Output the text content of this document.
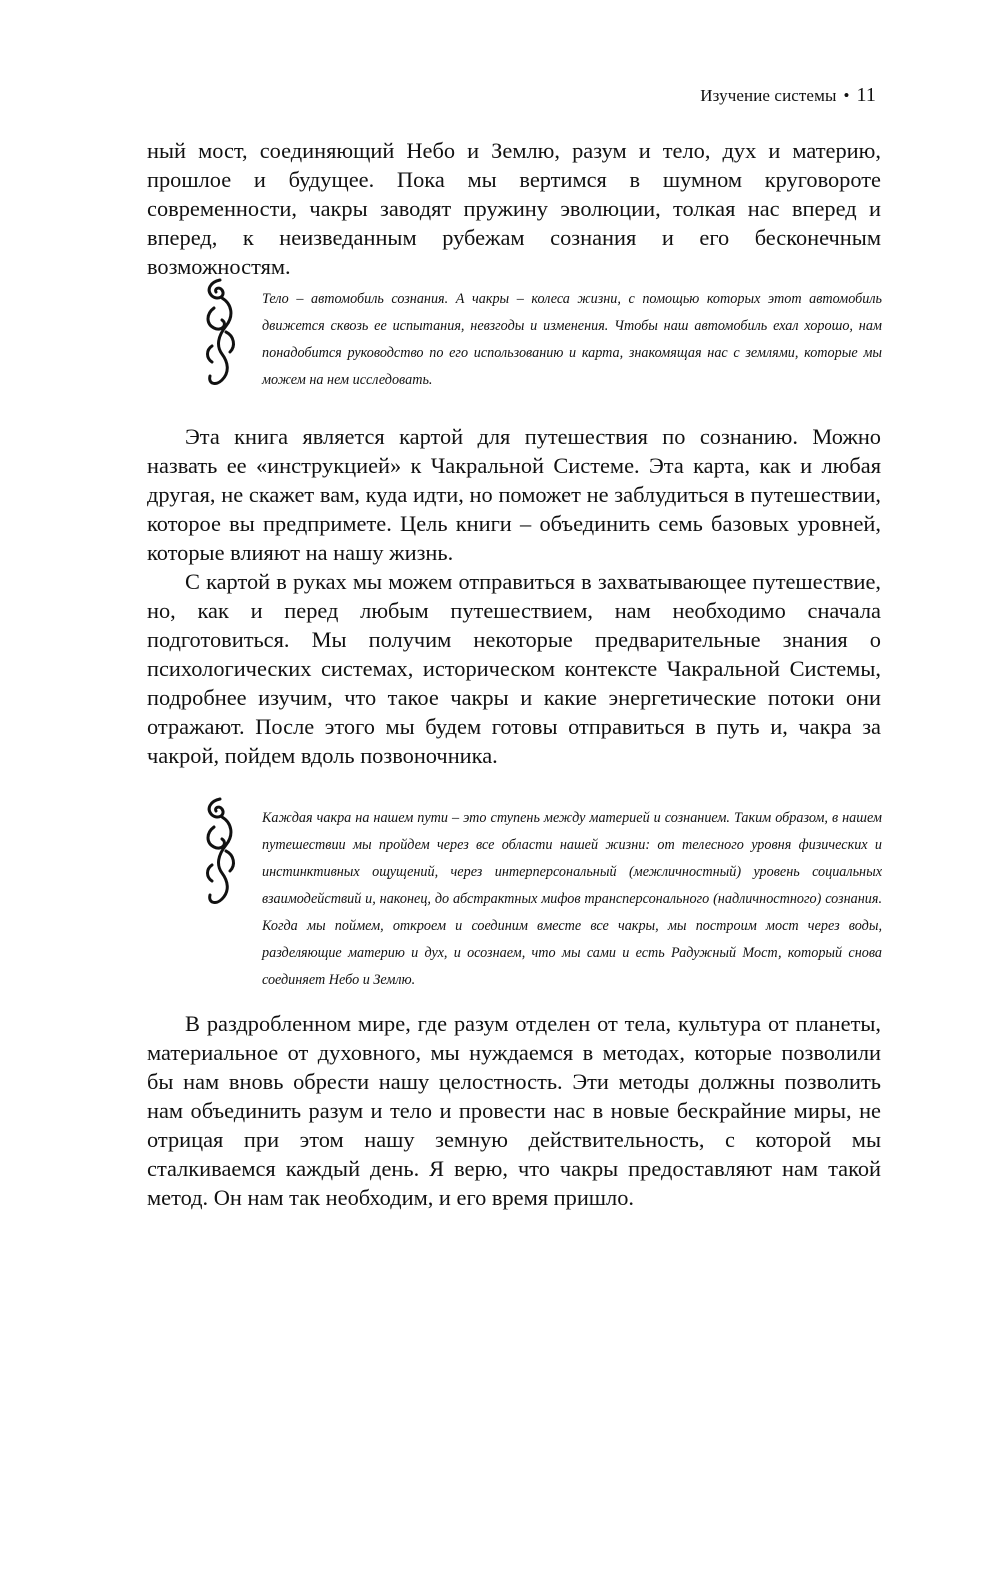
Изучение системы • 11

ный мост, соединяющий Небо и Землю, разум и тело, дух и материю, прошлое и будущее. Пока мы вертимся в шумном круговороте современности, чакры заводят пружину эволюции, толкая нас вперед и вперед, к неизведанным рубежам сознания и его бесконечным возможностям.

Тело – автомобиль сознания. А чакры – колеса жизни, с помощью которых этот автомобиль движется сквозь ее испытания, невзгоды и изменения. Чтобы наш автомобиль ехал хорошо, нам понадобится руководство по его использованию и карта, знакомящая нас с землями, которые мы можем на нем исследовать.

Эта книга является картой для путешествия по сознанию. Можно назвать ее «инструкцией» к Чакральной Системе. Эта карта, как и любая другая, не скажет вам, куда идти, но поможет не заблудиться в путешествии, которое вы предпримете. Цель книги – объединить семь базовых уровней, которые влияют на нашу жизнь.

С картой в руках мы можем отправиться в захватывающее путешествие, но, как и перед любым путешествием, нам необходимо сначала подготовиться. Мы получим некоторые предварительные знания о психологических системах, историческом контексте Чакральной Системы, подробнее изучим, что такое чакры и какие энергетические потоки они отражают. После этого мы будем готовы отправиться в путь и, чакра за чакрой, пойдем вдоль позвоночника.

Каждая чакра на нашем пути – это ступень между материей и сознанием. Таким образом, в нашем путешествии мы пройдем через все области нашей жизни: от телесного уровня физических и инстинктивных ощущений, через интерперсональный (межличностный) уровень социальных взаимодействий и, наконец, до абстрактных мифов трансперсонального (надличностного) сознания. Когда мы поймем, откроем и соединим вместе все чакры, мы построим мост через воды, разделяющие материю и дух, и осознаем, что мы сами и есть Радужный Мост, который снова соединяет Небо и Землю.

В раздробленном мире, где разум отделен от тела, культура от планеты, материальное от духовного, мы нуждаемся в методах, которые позволили бы нам вновь обрести нашу целостность. Эти методы должны позволить нам объединить разум и тело и провести нас в новые бескрайние миры, не отрицая при этом нашу земную действительность, с которой мы сталкиваемся каждый день. Я верю, что чакры предоставляют нам такой метод. Он нам так необходим, и его время пришло.
